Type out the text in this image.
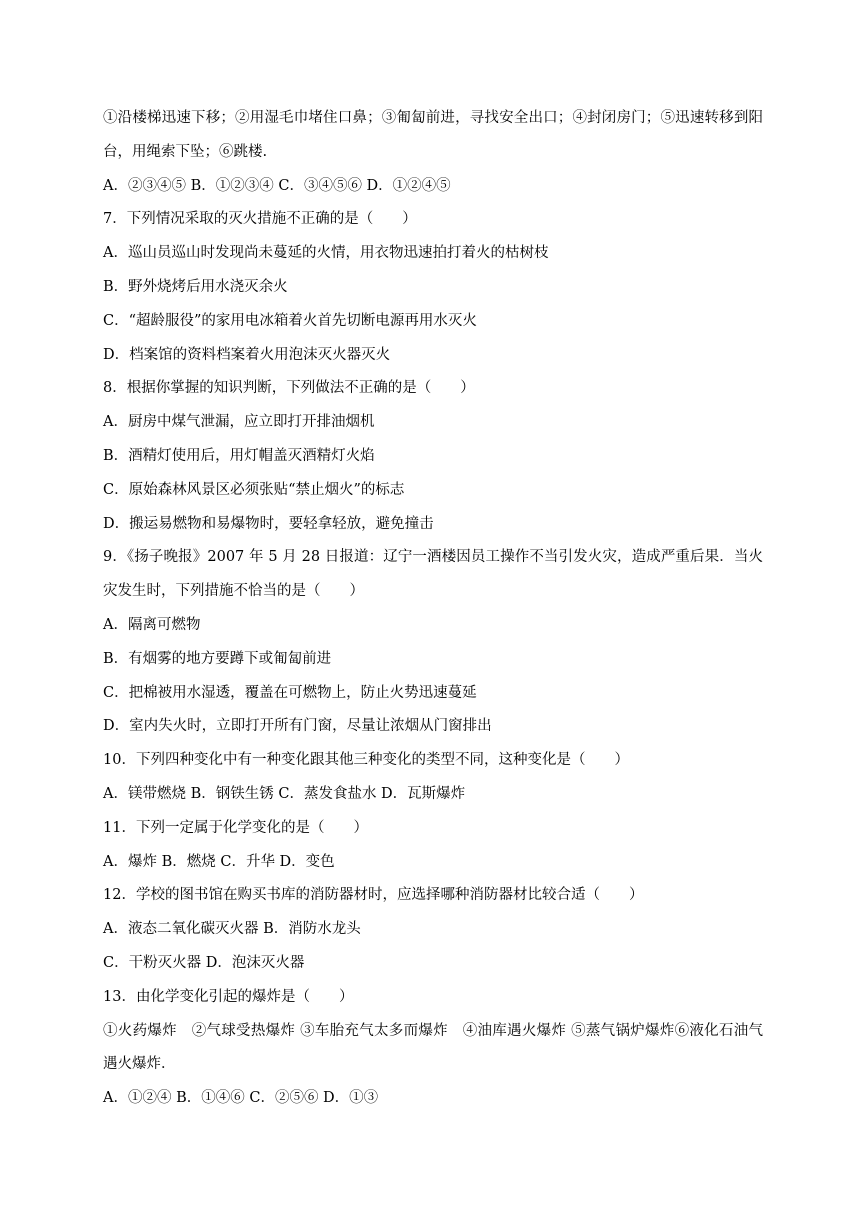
①沿楼梯迅速下移；②用湿毛巾堵住口鼻；③匍匐前进，寻找安全出口；④封闭房门；⑤迅速转移到阳台，用绳索下坠；⑥跳楼.
A．②③④⑤ B．①②③④ C．③④⑤⑥ D．①②④⑤
7．下列情况采取的灭火措施不正确的是（　　）
A．巡山员巡山时发现尚未蔓延的火情，用衣物迅速拍打着火的枯树枝
B．野外烧烤后用水浇灭余火
C．“超龄服役”的家用电冰箱着火首先切断电源再用水灭火
D．档案馆的资料档案着火用泡沫灭火器灭火
8．根据你掌握的知识判断，下列做法不正确的是（　　）
A．厨房中煤气泄漏，应立即打开排油烟机
B．酒精灯使用后，用灯帽盖灭酒精灯火焰
C．原始森林风景区必须张贴“禁止烟火”的标志
D．搬运易燃物和易爆物时，要轻拿轻放，避免撞击
9．《扬子晚报》2007 年 5 月 28 日报道：辽宁一酒楼因员工操作不当引发火灾，造成严重后果．当火灾发生时，下列措施不恰当的是（　　）
A．隔离可燃物
B．有烟雾的地方要蹲下或匍匐前进
C．把棉被用水湿透，覆盖在可燃物上，防止火势迅速蔓延
D．室内失火时，立即打开所有门窗，尽量让浓烟从门窗排出
10．下列四种变化中有一种变化跟其他三种变化的类型不同，这种变化是（　　）
A．镁带燃烧 B．钢铁生锈 C．蒸发食盐水 D．瓦斯爆炸
11．下列一定属于化学变化的是（　　）
A．爆炸 B．燃烧 C．升华 D．变色
12．学校的图书馆在购买书库的消防器材时，应选择哪种消防器材比较合适（　　）
A．液态二氧化碳灭火器 B．消防水龙头
C．干粉灭火器 D．泡沫灭火器
13．由化学变化引起的爆炸是（　　）
①火药爆炸　②气球受热爆炸 ③车胎充气太多而爆炸　④油库遇火爆炸 ⑤蒸气锅炉爆炸⑥液化石油气遇火爆炸．
A．①②④ B．①④⑥ C．②⑤⑥ D．①③
